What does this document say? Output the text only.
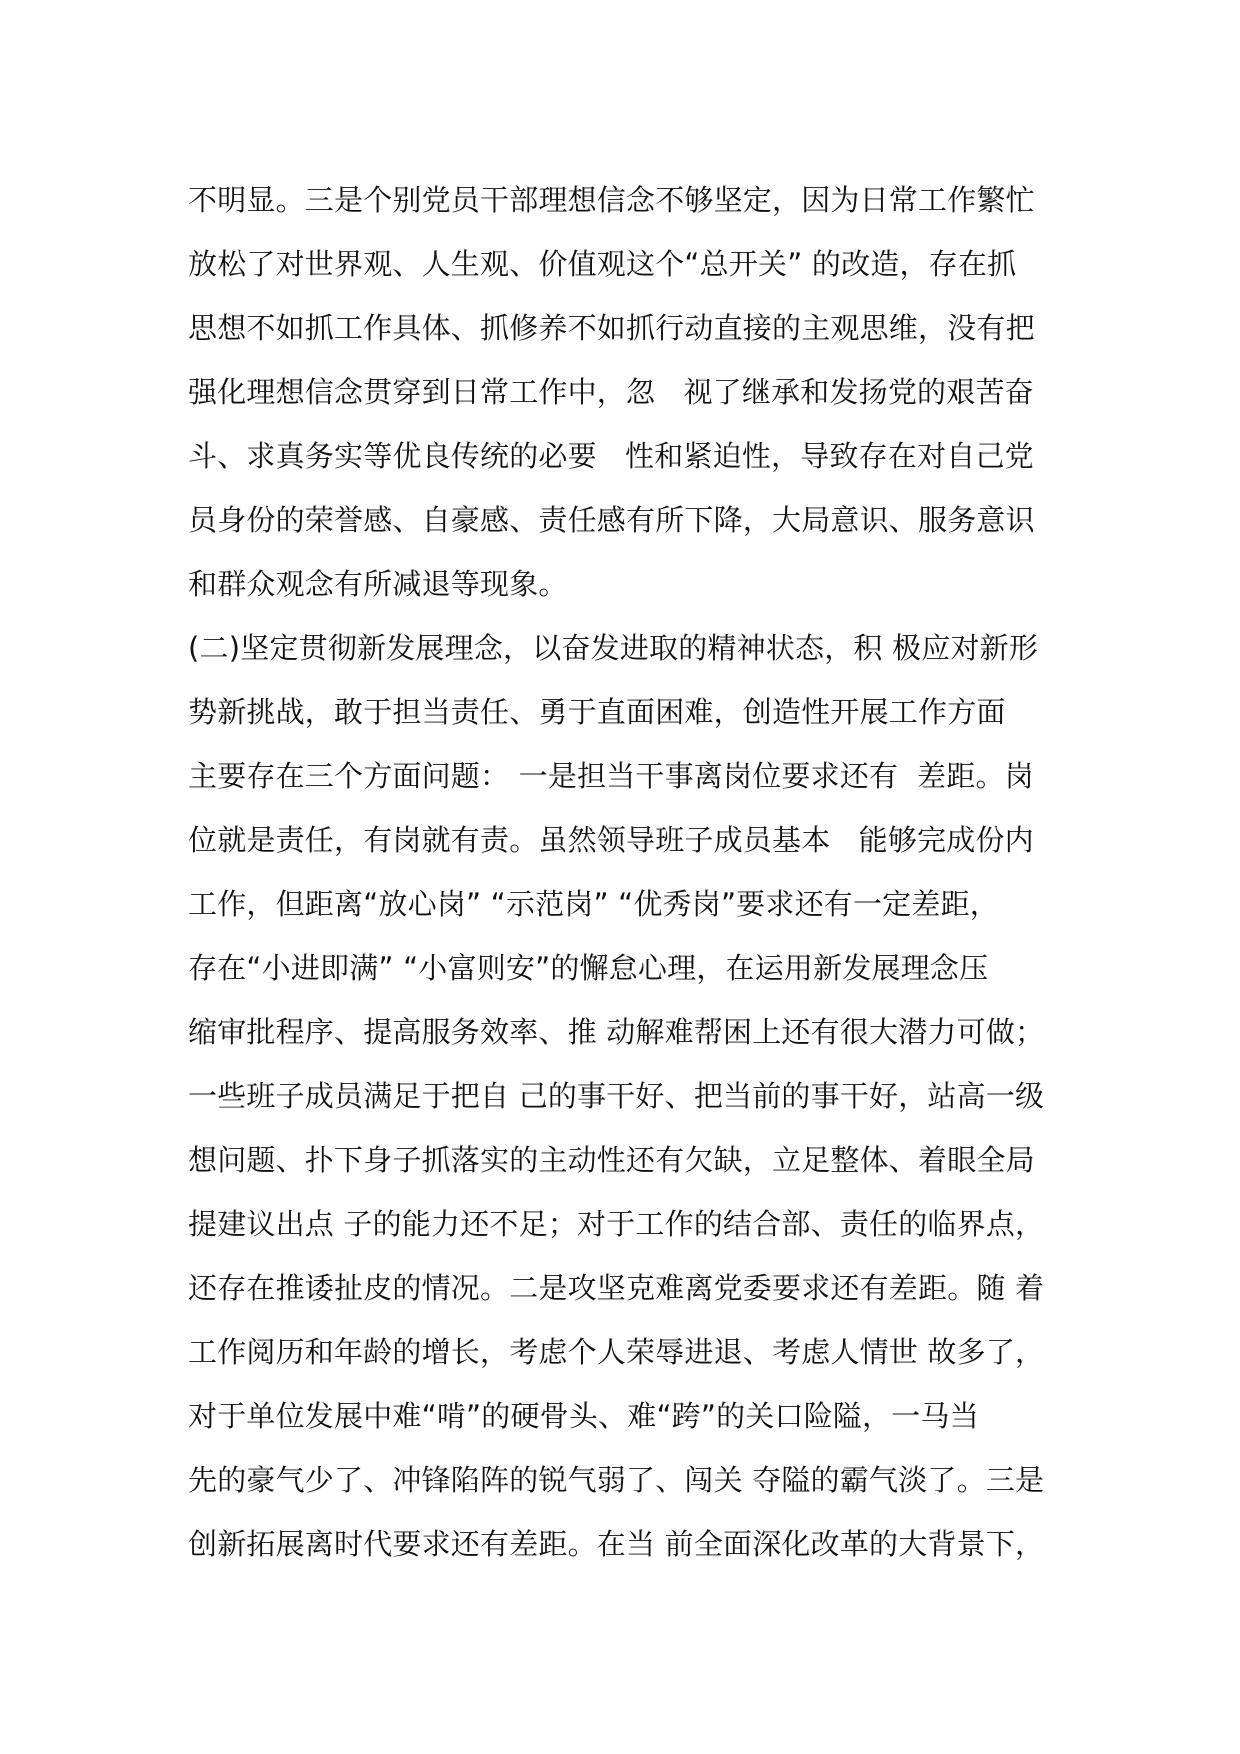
不明显。三是个别党员干部理想信念不够坚定，因为日常工作繁忙
放松了对世界观、人生观、价值观这个“总开关” 的改造，存在抓
思想不如抓工作具体、抓修养不如抓行动直接的主观思维，没有把
强化理想信念贯穿到日常工作中，忽   视了继承和发扬党的艰苦奋
斗、求真务实等优良传统的必要   性和紧迫性，导致存在对自己党
员身份的荣誉感、自豪感、责任感有所下降，大局意识、服务意识
和群众观念有所减退等现象。
(二)坚定贯彻新发展理念，以奋发进取的精神状态，积 极应对新形
势新挑战，敢于担当责任、勇于直面困难，创造性开展工作方面
主要存在三个方面问题： 一是担当干事离岗位要求还有  差距。岗
位就是责任，有岗就有责。虽然领导班子成员基本   能够完成份内
工作，但距离“放心岗” “示范岗” “优秀岗”要求还有一定差距，
存在“小进即满” “小富则安”的懈怠心理，在运用新发展理念压
缩审批程序、提高服务效率、推 动解难帮困上还有很大潜力可做；
一些班子成员满足于把自 己的事干好、把当前的事干好，站高一级
想问题、扑下身子抓落实的主动性还有欠缺，立足整体、着眼全局
提建议出点 子的能力还不足；对于工作的结合部、责任的临界点，
还存在推诿扯皮的情况。二是攻坚克难离党委要求还有差距。随 着
工作阅历和年龄的增长，考虑个人荣辱进退、考虑人情世 故多了，
对于单位发展中难“啃”的硬骨头、难“跨”的关口险隘，一马当
先的豪气少了、冲锋陷阵的锐气弱了、闯关 夺隘的霸气淡了。三是
创新拓展离时代要求还有差距。在当 前全面深化改革的大背景下，
